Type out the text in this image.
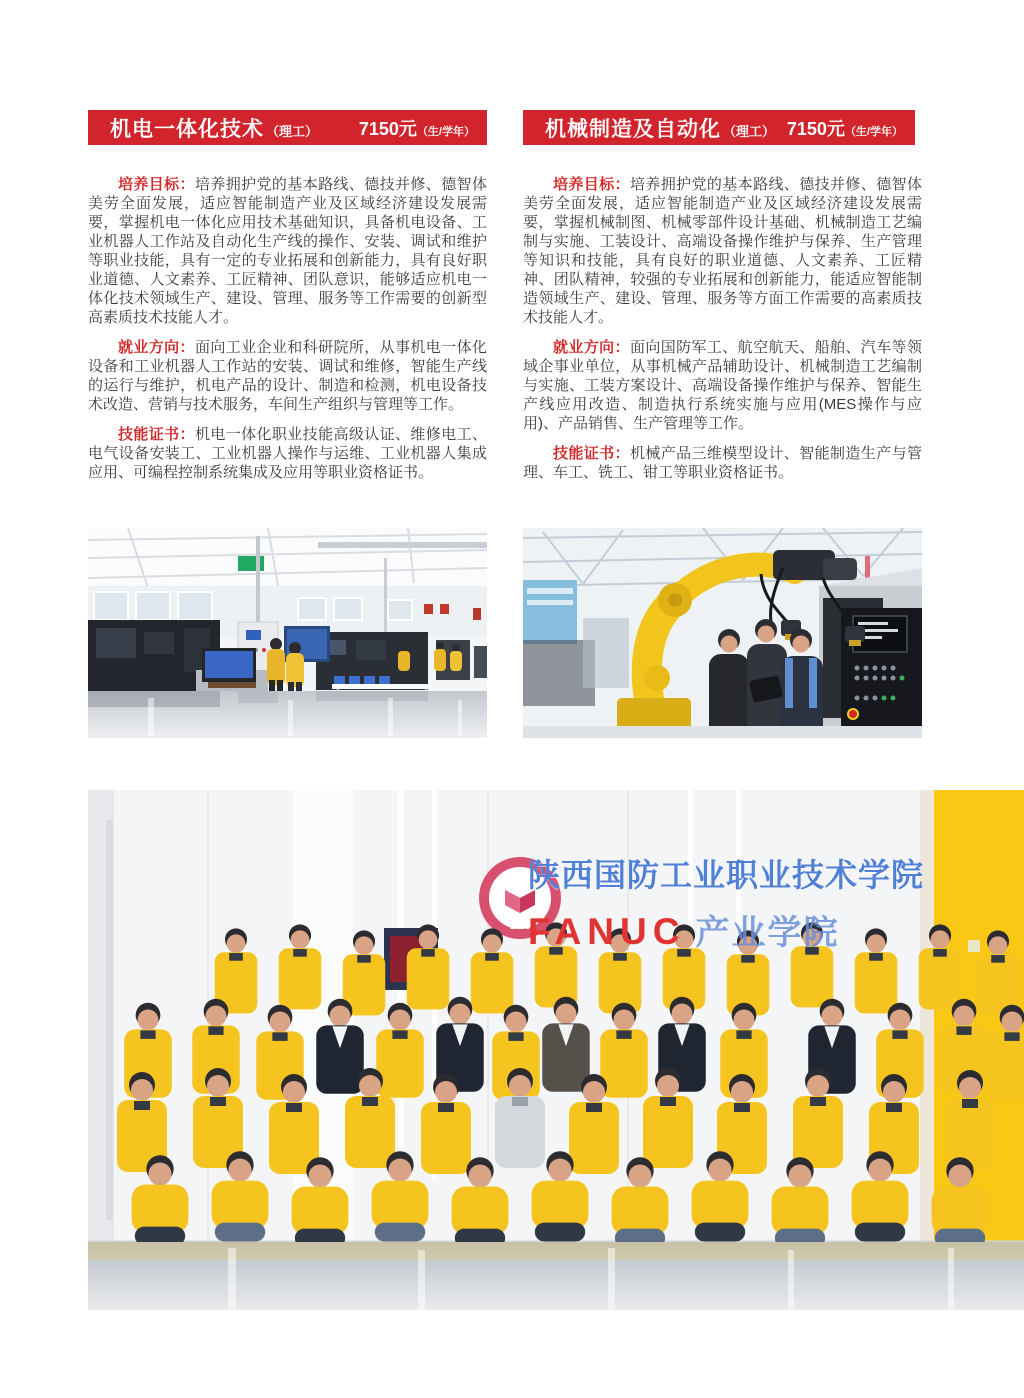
机电一体化技术 （理工） 7150元（生/学年）

培养目标：培养拥护党的基本路线、德技并修、德智体美劳全面发展，适应智能制造产业及区域经济建设发展需要，掌握机电一体化应用技术基础知识，具备机电设备、工业机器人工作站及自动化生产线的操作、安装、调试和维护等职业技能，具有一定的专业拓展和创新能力，具有良好职业道德、人文素养、工匠精神、团队意识，能够适应机电一体化技术领域生产、建设、管理、服务等工作需要的创新型高素质技术技能人才。

就业方向：面向工业企业和科研院所，从事机电一体化设备和工业机器人工作站的安装、调试和维修，智能生产线的运行与维护，机电产品的设计、制造和检测，机电设备技术改造、营销与技术服务，车间生产组织与管理等工作。

技能证书：机电一体化职业技能高级认证、维修电工、电气设备安装工、工业机器人操作与运维、工业机器人集成应用、可编程控制系统集成及应用等职业资格证书。

机械制造及自动化 （理工） 7150元（生/学年）

培养目标：培养拥护党的基本路线、德技并修、德智体美劳全面发展，适应智能制造产业及区域经济建设发展需要，掌握机械制图、机械零部件设计基础、机械制造工艺编制与实施、工装设计、高端设备操作维护与保养、生产管理等知识和技能，具有良好的职业道德、人文素养、工匠精神、团队精神，较强的专业拓展和创新能力，能适应智能制造领域生产、建设、管理、服务等方面工作需要的高素质技术技能人才。

就业方向：面向国防军工、航空航天、船舶、汽车等领域企事业单位，从事机械产品辅助设计、机械制造工艺编制与实施、工装方案设计、高端设备操作维护与保养、智能生产线应用改造、制造执行系统实施与应用(MES操作与应用)、产品销售、生产管理等工作。

技能证书：机械产品三维模型设计、智能制造生产与管理、车工、铣工、钳工等职业资格证书。

1958
陕西国防工业职业技术学院
FANUC 产业学院
